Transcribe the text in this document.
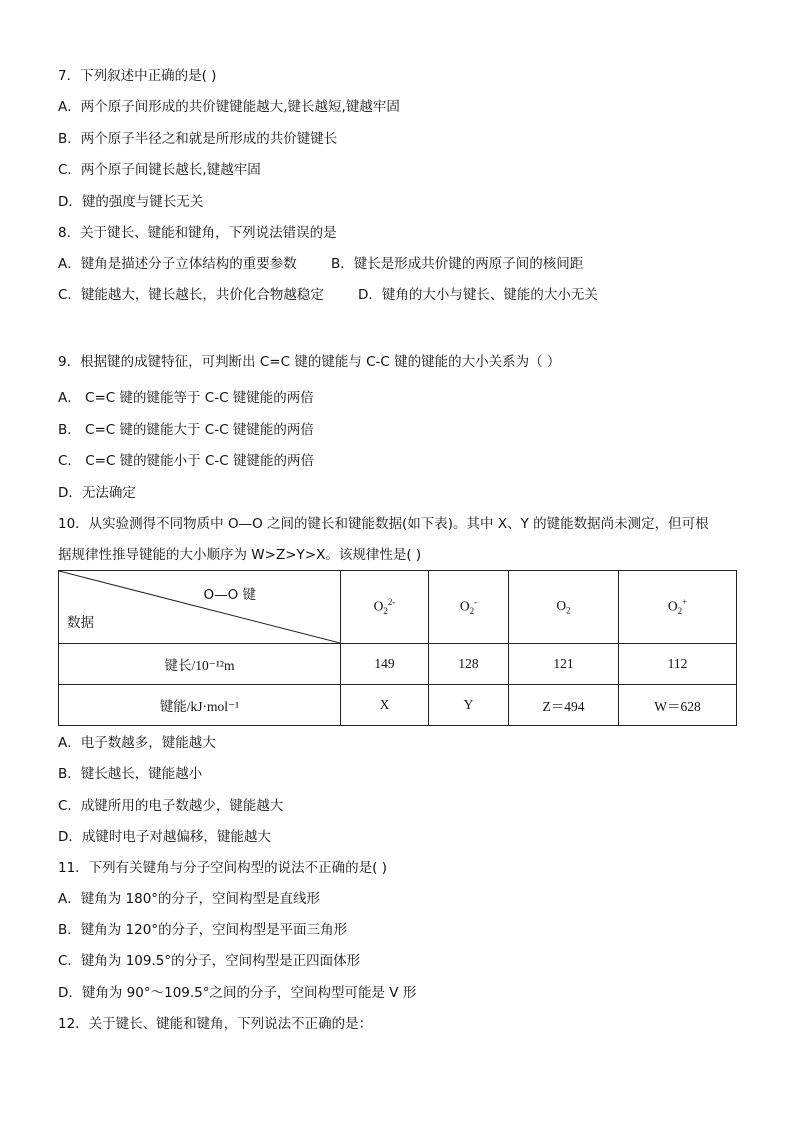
7．下列叙述中正确的是( )
A．两个原子间形成的共价键键能越大,键长越短,键越牢固
B．两个原子半径之和就是所形成的共价键键长
C．两个原子间键长越长,键越牢固
D．键的强度与键长无关
8．关于键长、键能和键角，下列说法错误的是
A．键角是描述分子立体结构的重要参数	B．键长是形成共价键的两原子间的核间距
C．键能越大，键长越长，共价化合物越稳定	D．键角的大小与键长、键能的大小无关
9．根据键的成键特征，可判断出 C=C 键的键能与 C-C 键的键能的大小关系为（ ）
A． C=C 键的键能等于 C-C 键键能的两倍
B． C=C 键的键能大于 C-C 键键能的两倍
C． C=C 键的键能小于 C-C 键键能的两倍
D．无法确定
10．从实验测得不同物质中 O—O 之间的键长和键能数据(如下表)。其中 X、Y 的键能数据尚未测定，但可根
据规律性推导键能的大小顺序为 W>Z>Y>X。该规律性是( )
O—O 键
数据	$O_2^{2-}$	$O_2^-$	$O_2$	$O_2^+$
键长/10⁻¹²m	149	128	121	112
键能/kJ·mol⁻¹	X	Y	Z＝494	W＝628
A．电子数越多，键能越大
B．键长越长，键能越小
C．成键所用的电子数越少，键能越大
D．成键时电子对越偏移，键能越大
11．下列有关键角与分子空间构型的说法不正确的是( )
A．键角为 180°的分子，空间构型是直线形
B．键角为 120°的分子，空间构型是平面三角形
C．键角为 109.5°的分子，空间构型是正四面体形
D．键角为 90°～109.5°之间的分子，空间构型可能是 V 形
12．关于键长、键能和键角，下列说法不正确的是：
